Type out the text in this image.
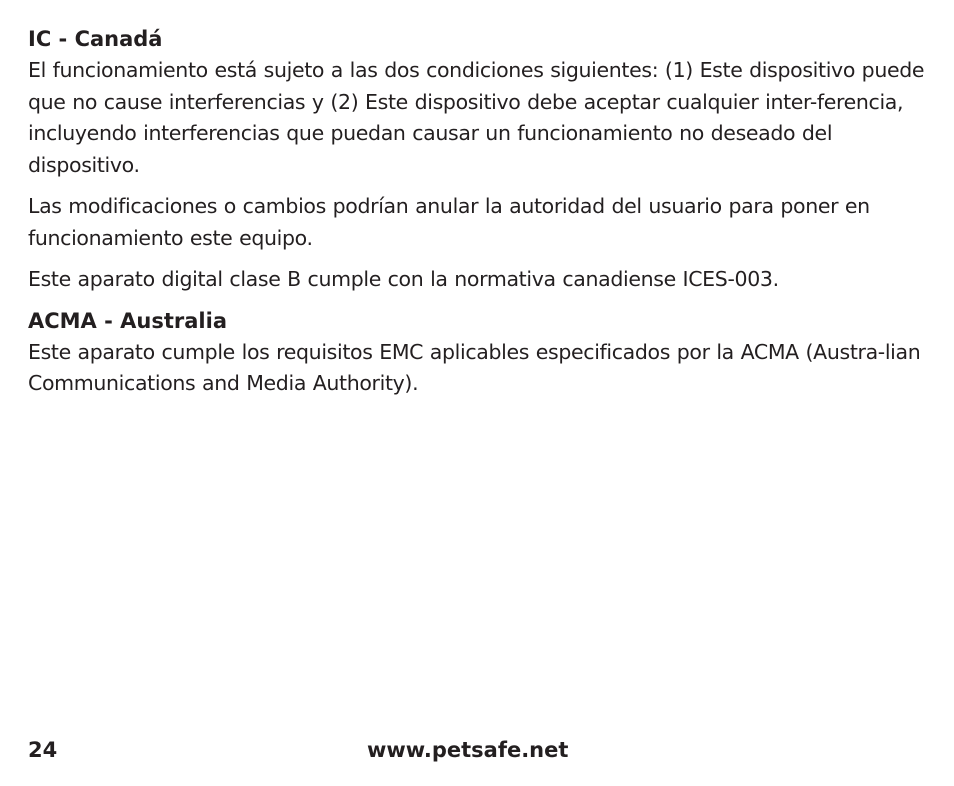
IC - Canadá

El funcionamiento está sujeto a las dos condiciones siguientes: (1) Este dispositivo puede que no cause interferencias y (2) Este dispositivo debe aceptar cualquier inter-ferencia, incluyendo interferencias que puedan causar un funcionamiento no deseado del dispositivo.

Las modificaciones o cambios podrían anular la autoridad del usuario para poner en funcionamiento este equipo.

Este aparato digital clase B cumple con la normativa canadiense ICES-003.

ACMA - Australia

Este aparato cumple los requisitos EMC aplicables especificados por la ACMA (Austra-lian Communications and Media Authority).

24	www.petsafe.net
